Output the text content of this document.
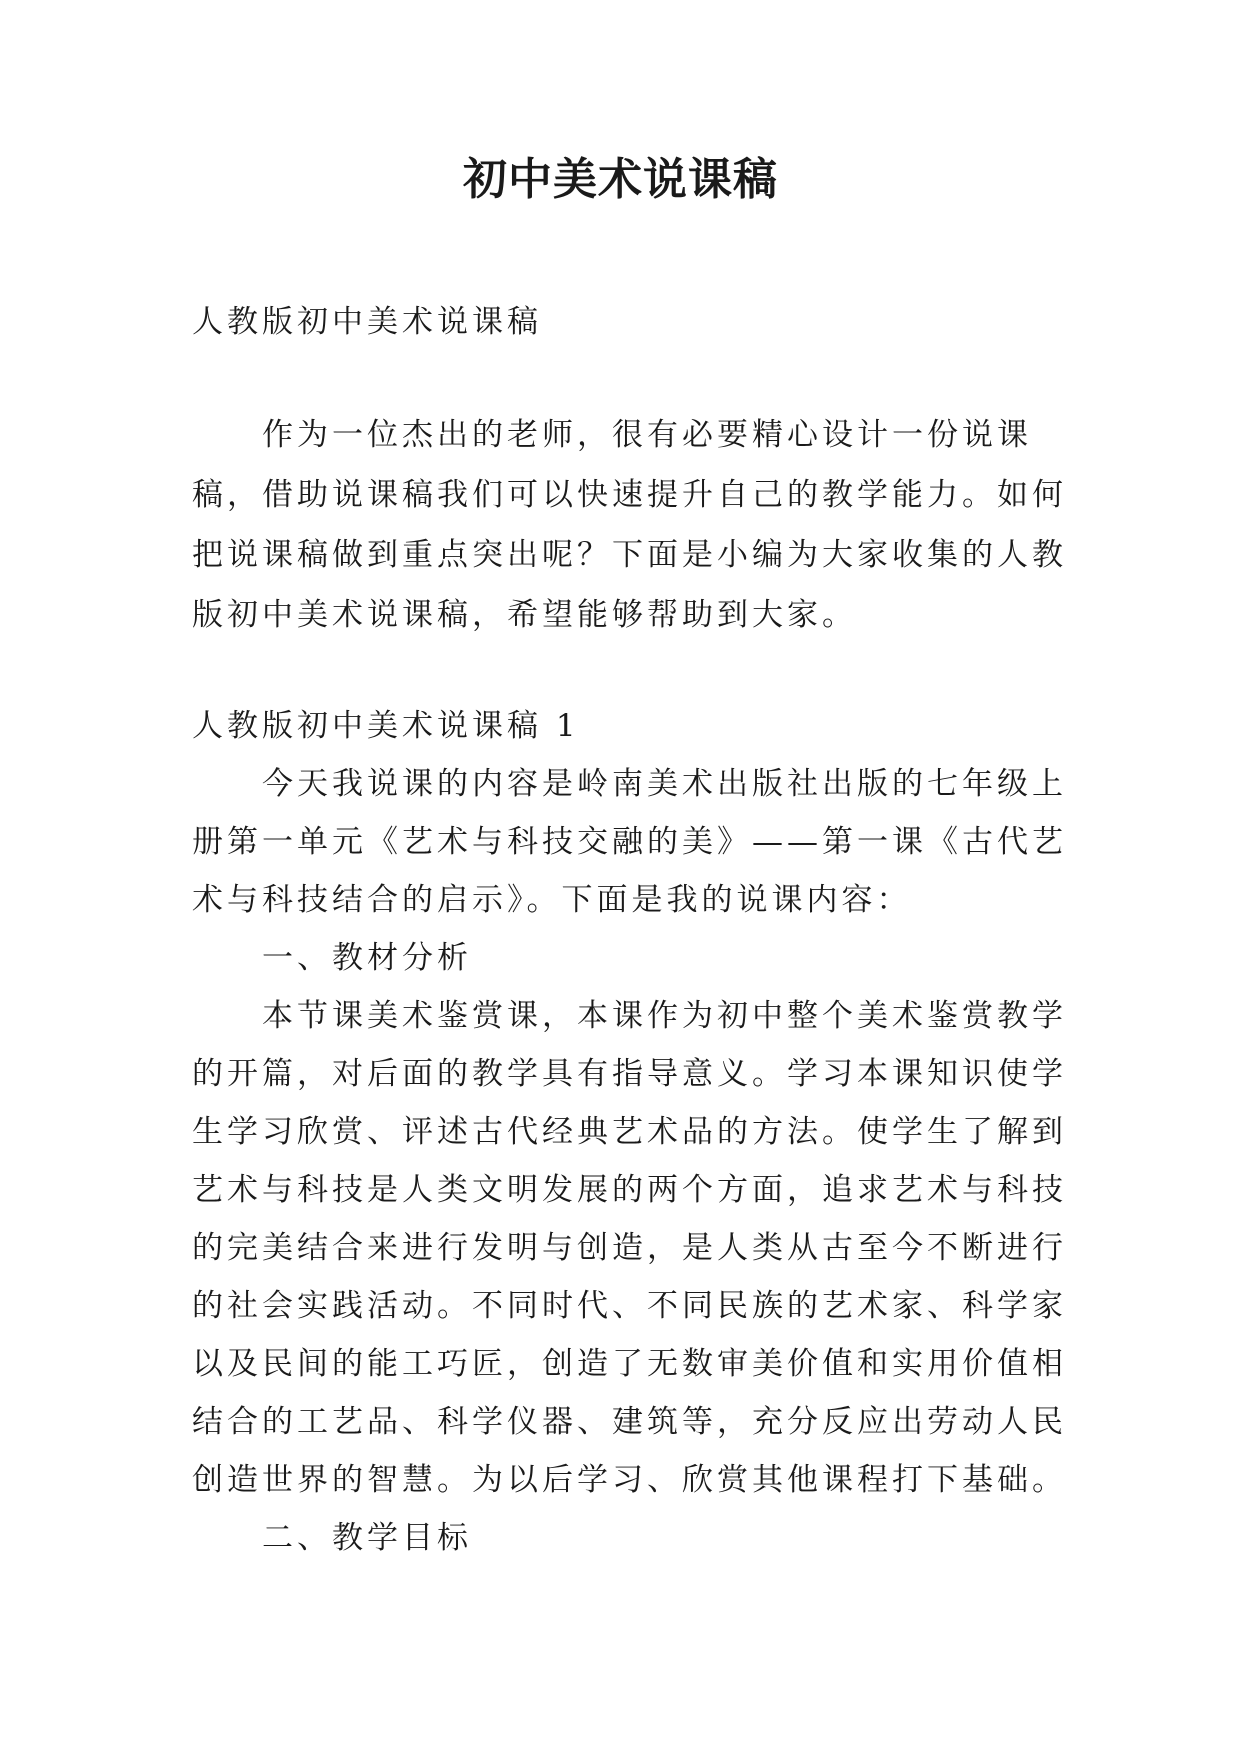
初中美术说课稿

人教版初中美术说课稿

作为一位杰出的老师，很有必要精心设计一份说课稿，借助说课稿我们可以快速提升自己的教学能力。如何把说课稿做到重点突出呢？下面是小编为大家收集的人教版初中美术说课稿，希望能够帮助到大家。

人教版初中美术说课稿 1

今天我说课的内容是岭南美术出版社出版的七年级上册第一单元《艺术与科技交融的美》——第一课《古代艺术与科技结合的启示》。下面是我的说课内容：

一、教材分析

本节课美术鉴赏课，本课作为初中整个美术鉴赏教学的开篇，对后面的教学具有指导意义。学习本课知识使学生学习欣赏、评述古代经典艺术品的方法。使学生了解到艺术与科技是人类文明发展的两个方面，追求艺术与科技的完美结合来进行发明与创造，是人类从古至今不断进行的社会实践活动。不同时代、不同民族的艺术家、科学家以及民间的能工巧匠，创造了无数审美价值和实用价值相结合的工艺品、科学仪器、建筑等，充分反应出劳动人民创造世界的智慧。为以后学习、欣赏其他课程打下基础。

二、教学目标
